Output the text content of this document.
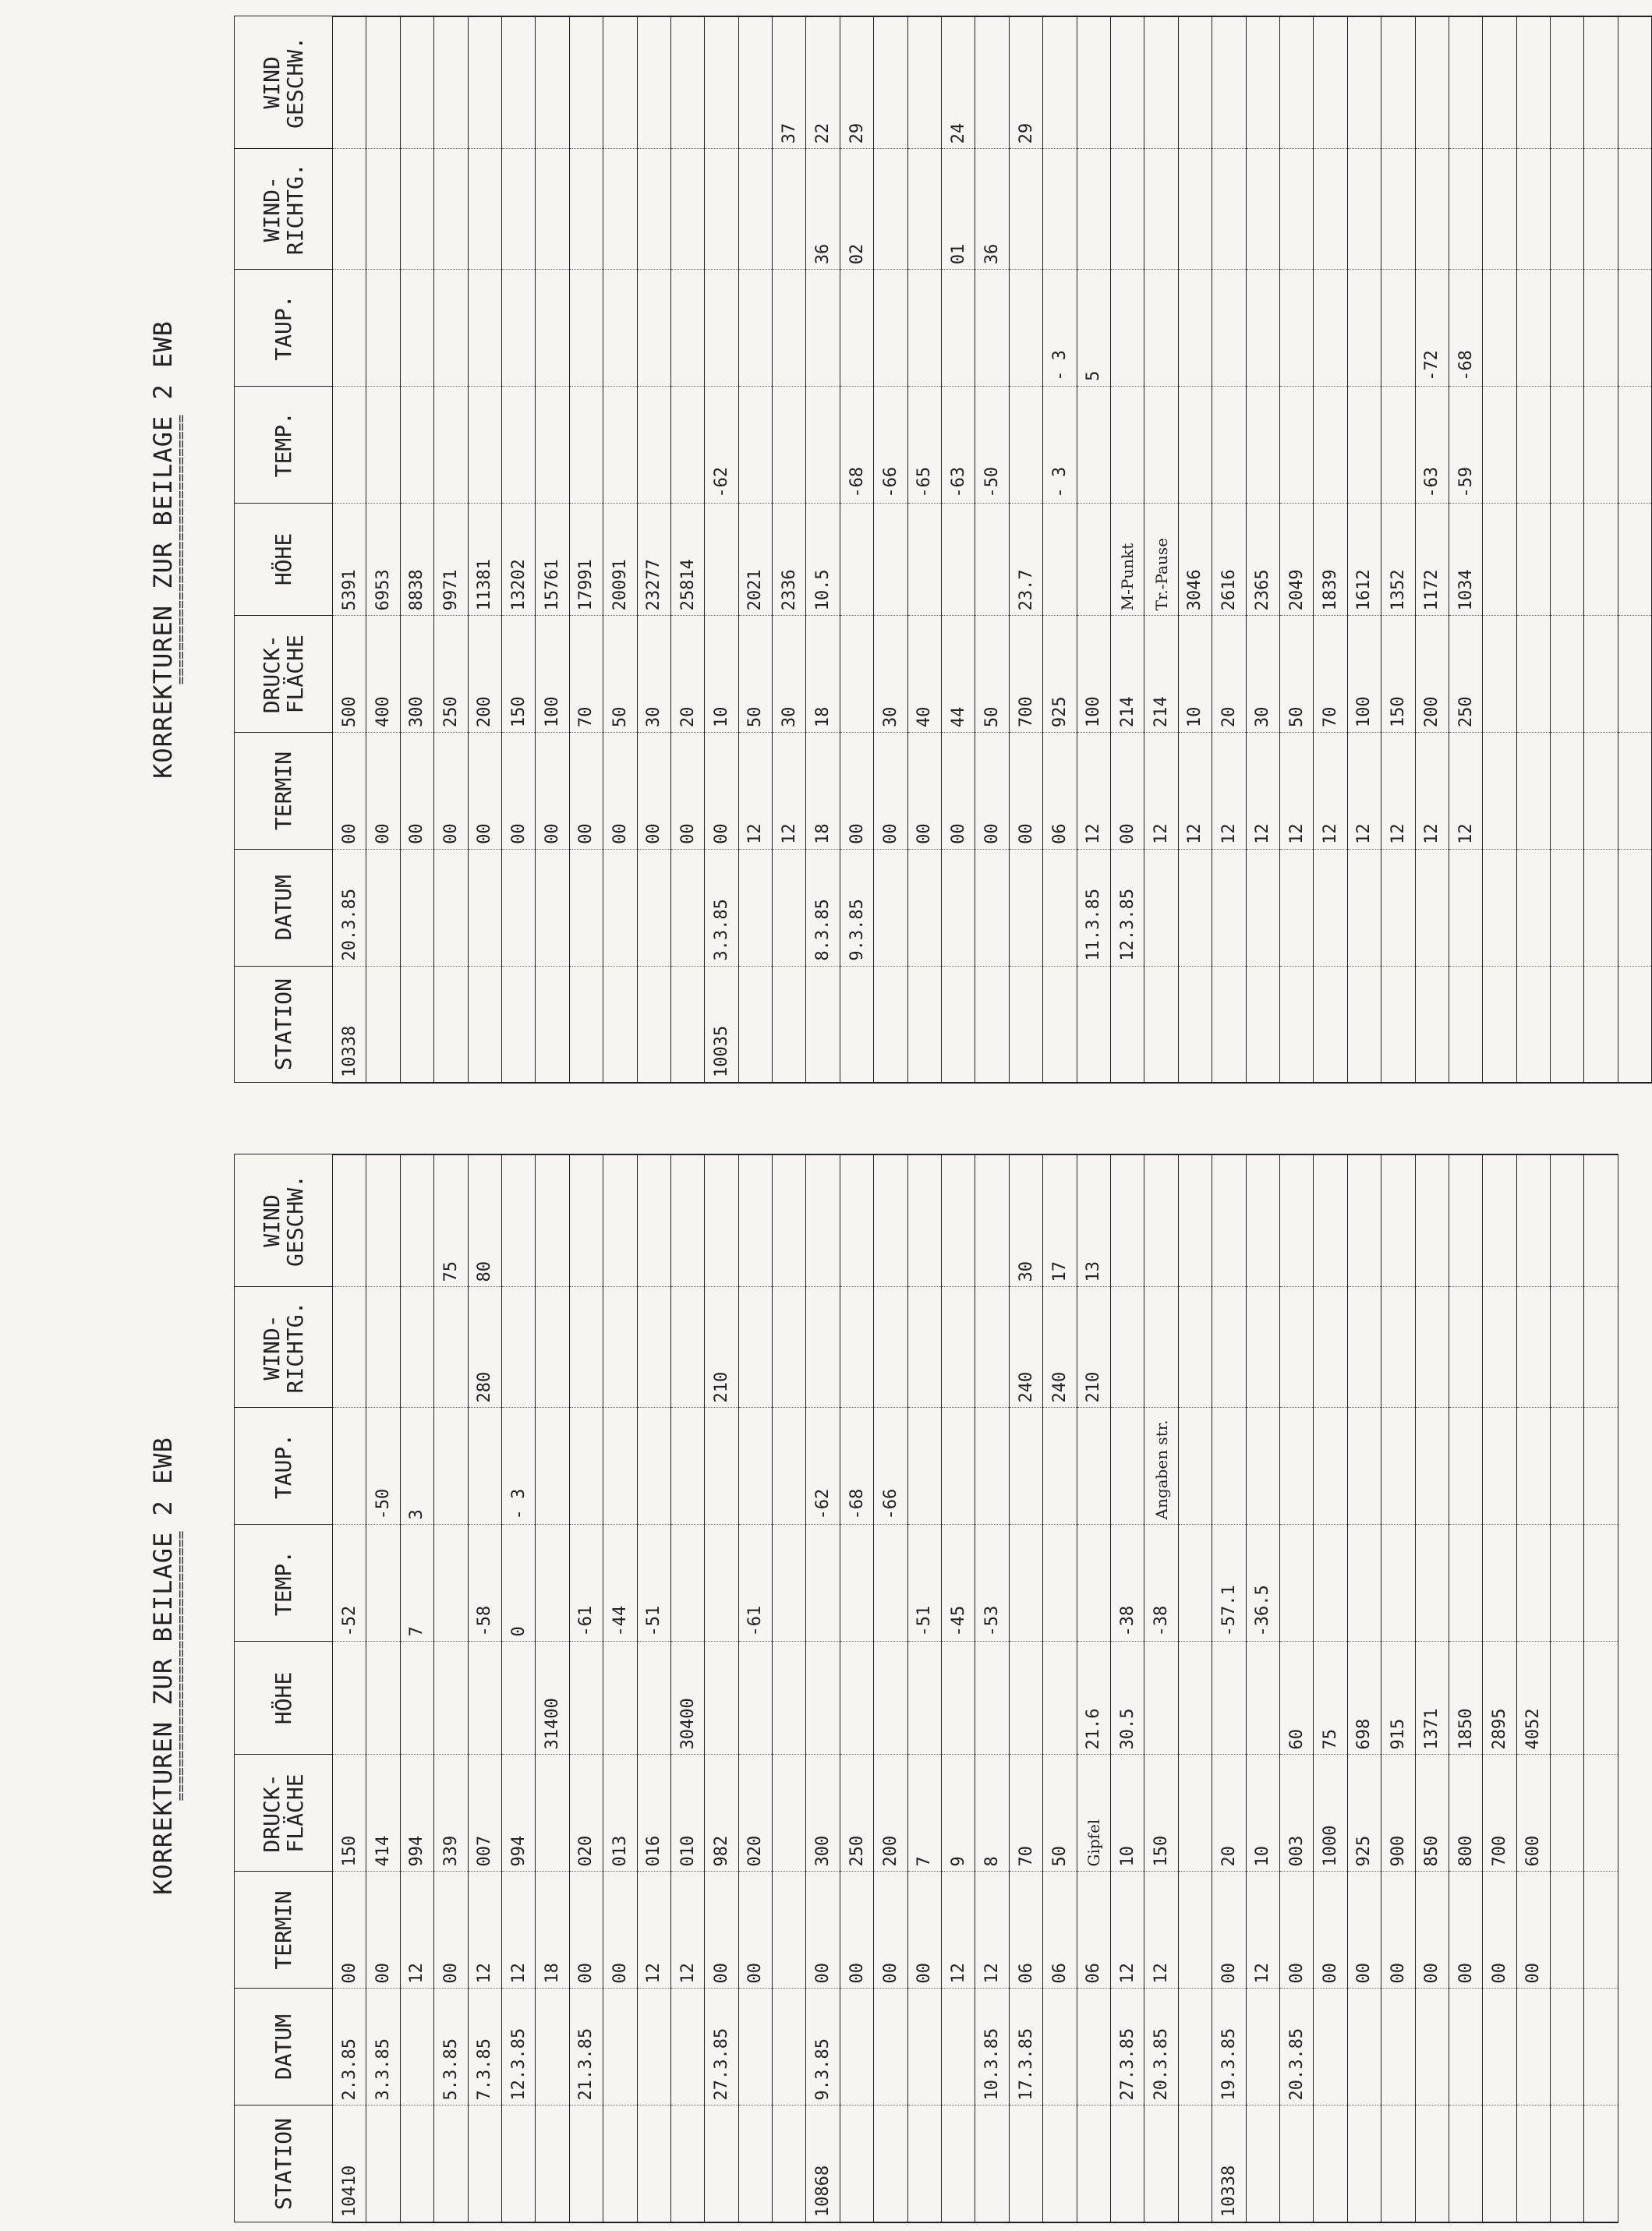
KORREKTUREN ZUR BEILAGE 2 EWB
================================
STATION	DATUM	TERMIN	DRUCK-
FLÄCHE	HÖHE	TEMP.	TAUP.	WIND-
RICHTG.	WIND
GESCHW.
10338	20.3.85	00	500	5391				
		00	400	6953				
		00	300	8838				
		00	250	9971				
		00	200	11381				
		00	150	13202				
		00	100	15761				
		00	70	17991				
		00	50	20091				
		00	30	23277				
		00	20	25814				
10035	3.3.85	00	10		-62			
		12	50	2021				
		12	30	2336				37
	8.3.85	18	18	10.5			36	22
	9.3.85	00			-68		02	29
		00	30		-66			
		00	40		-65			
		00	44		-63		01	24
		00	50		-50		36	
		00	700	23.7				29
		06	925		- 3	- 3		
	11.3.85	12	100			5		
	12.3.85	00	214	M-Punkt				
		12	214	Tr.-Pause				
		12	10	3046				
		12	20	2616				
		12	30	2365				
		12	50	2049				
		12	70	1839				
		12	100	1612				
		12	150	1352				
		12	200	1172	-63	-72		
		12	250	1034	-59	-68		

KORREKTUREN ZUR BEILAGE 2 EWB
================================
STATION	DATUM	TERMIN	DRUCK-
FLÄCHE	HÖHE	TEMP.	TAUP.	WIND-
RICHTG.	WIND
GESCHW.
10410	2.3.85	00	150		-52			
	3.3.85	00	414			-50		
		12	994		7	3		
	5.3.85	00	339					75
	7.3.85	12	007		-58		280	80
	12.3.85	12	994		0	- 3		
		18		31400				
	21.3.85	00	020		-61			
		00	013		-44			
		12	016		-51			
		12	010	30400				
	27.3.85	00	982				210	
		00	020		-61			

10868	9.3.85	00	300			-62		
		00	250			-68		
		00	200			-66		
		00	7		-51			
		12	9		-45			
	10.3.85	12	8		-53			
	17.3.85	06	70				240	30
		06	50				240	17
		06	Gipfel	21.6			210	13
	27.3.85	12	10	30.5	-38			
	20.3.85	12	150		-38	Angaben str.		

10338	19.3.85	00	20		-57.1			
		12	10		-36.5			
	20.3.85	00	003	60				
		00	1000	75				
		00	925	698				
		00	900	915				
		00	850	1371				
		00	800	1850				
		00	700	2895				
		00	600	4052				
